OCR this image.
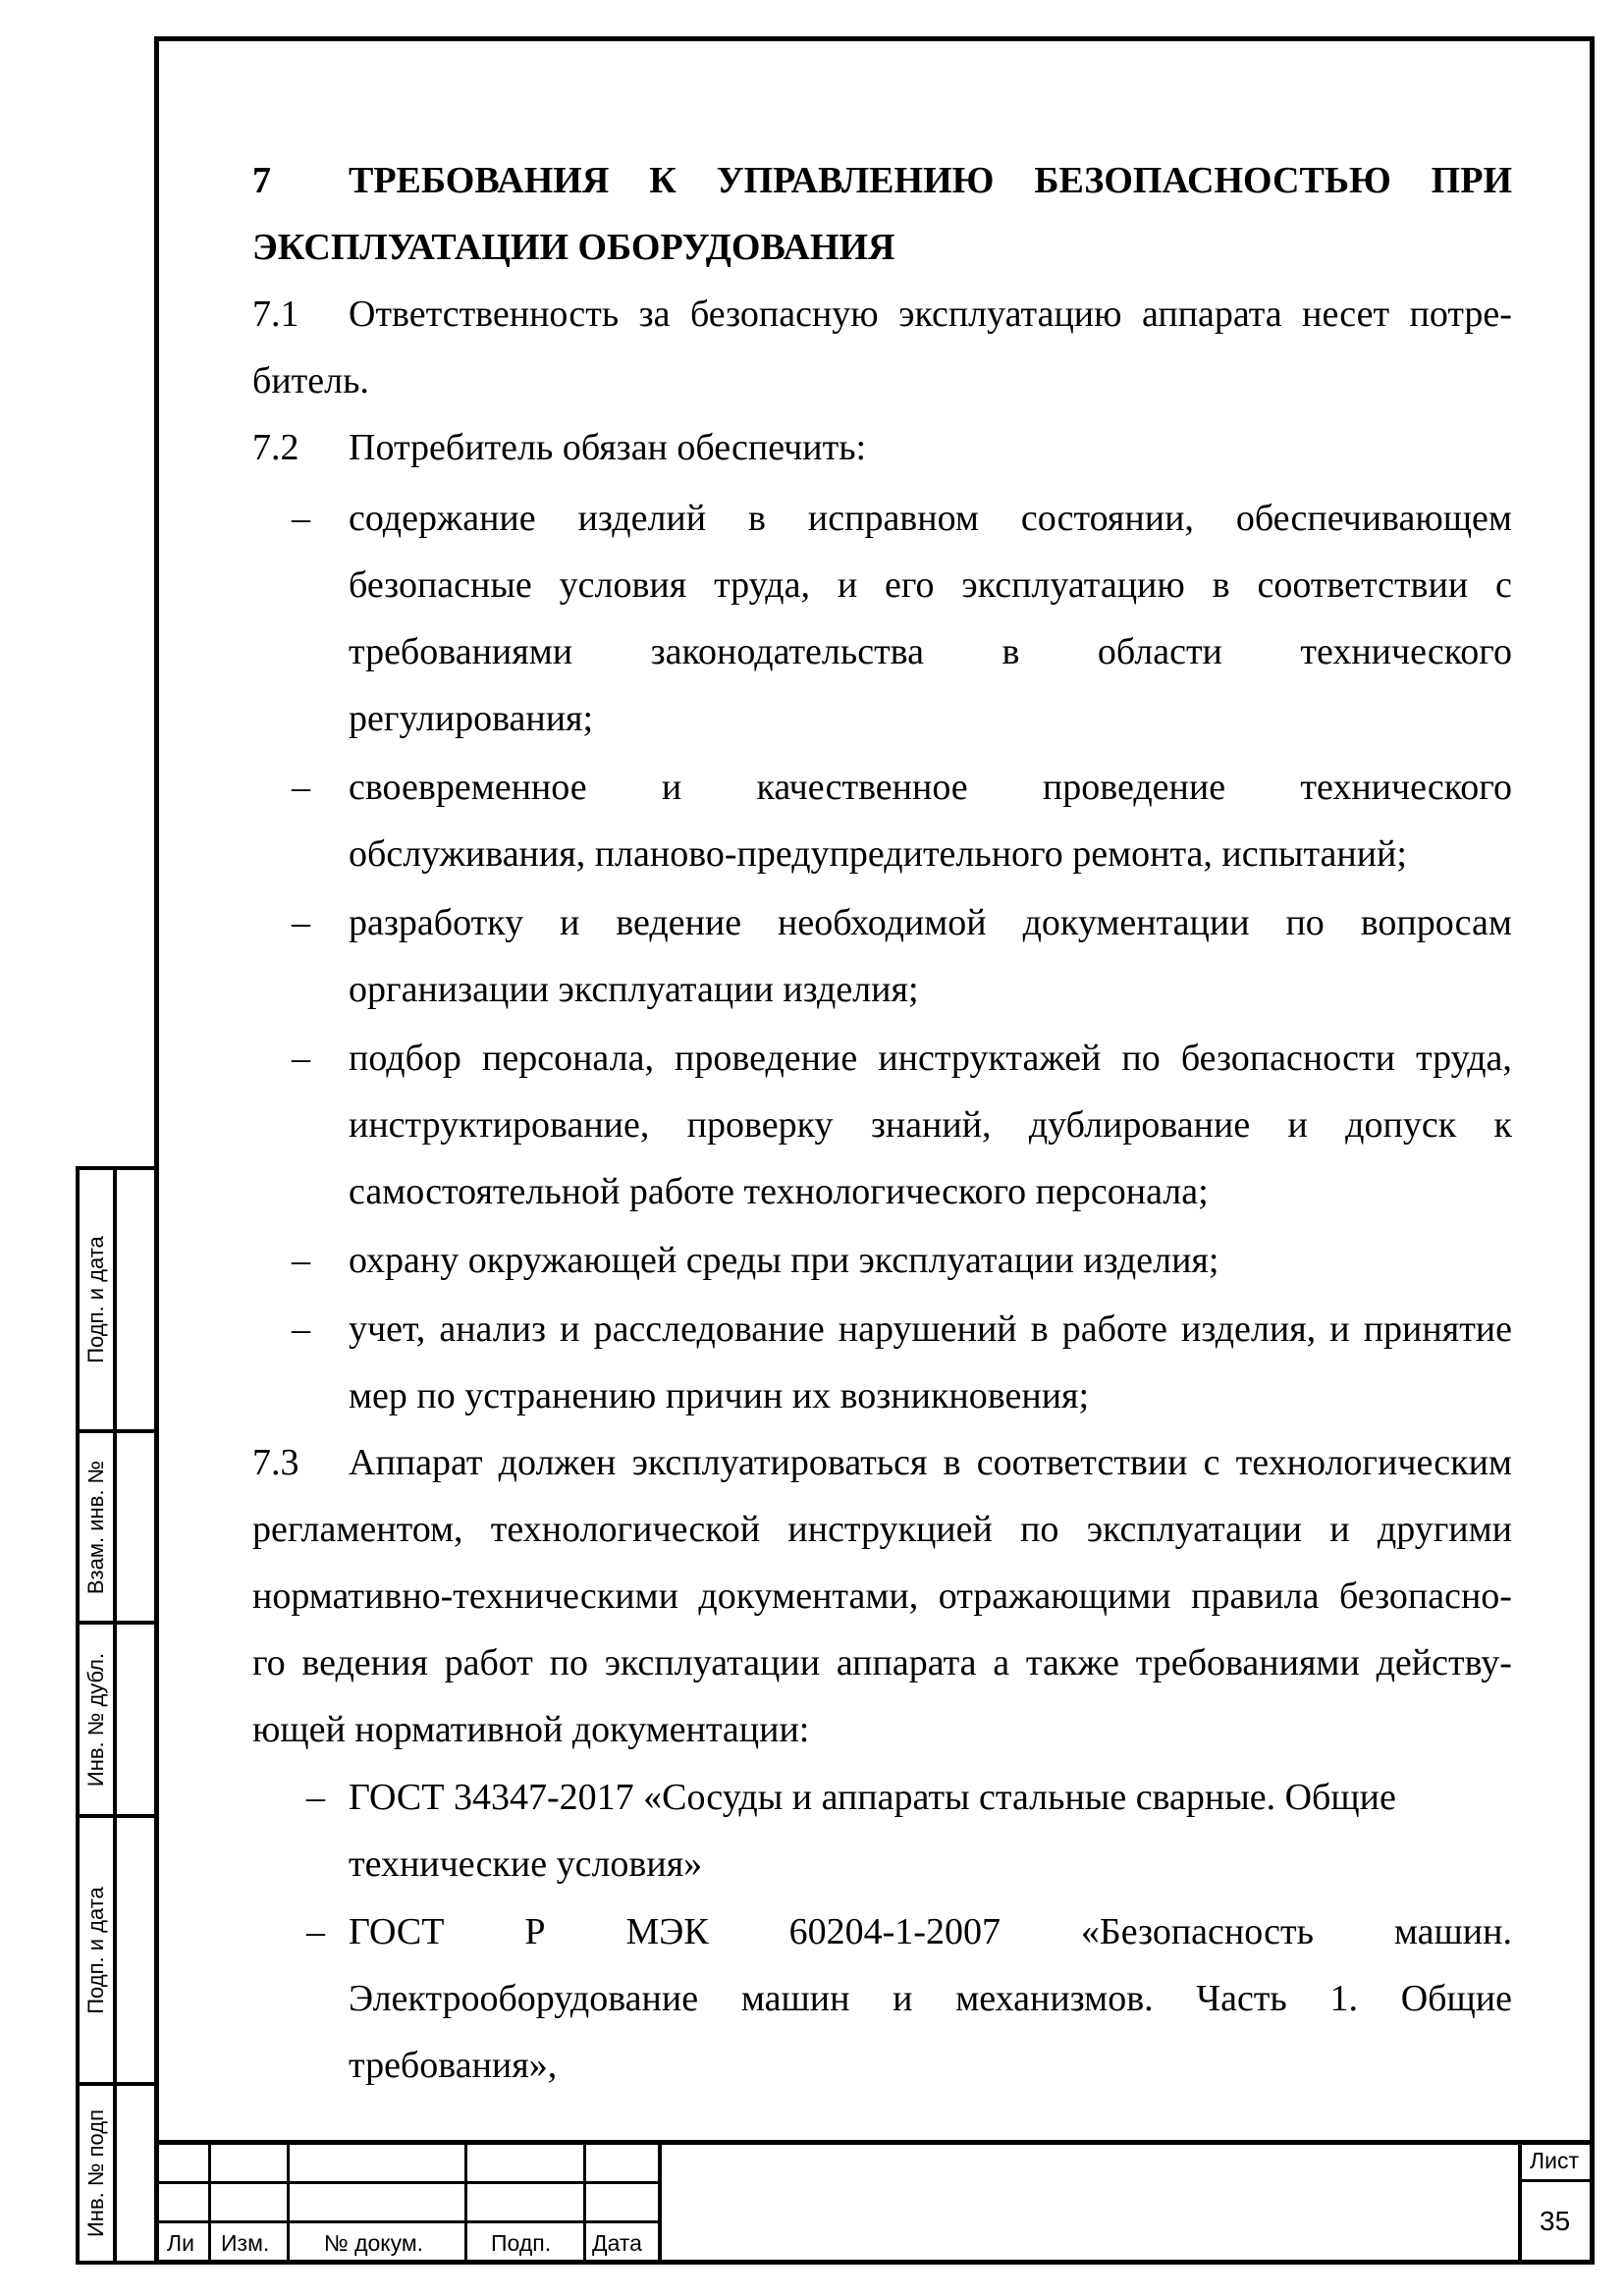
7	ТРЕБОВАНИЯ К УПРАВЛЕНИЮ БЕЗОПАСНОСТЬЮ ПРИ
ЭКСПЛУАТАЦИИ ОБОРУДОВАНИЯ
7.1 Ответственность за безопасную эксплуатацию аппарата несет потре-
битель.
7.2 Потребитель обязан обеспечить:
–	содержание изделий в исправном состоянии, обеспечивающем
безопасные условия труда, и его эксплуатацию в соответствии с
требованиями законодательства в области технического
регулирования;
–	своевременное и качественное проведение технического
обслуживания, планово-предупредительного ремонта, испытаний;
–	разработку и ведение необходимой документации по вопросам
организации эксплуатации изделия;
–	подбор персонала, проведение инструктажей по безопасности труда,
инструктирование, проверку знаний, дублирование и допуск к
самостоятельной работе технологического персонала;
–	охрану окружающей среды при эксплуатации изделия;
–	учет, анализ и расследование нарушений в работе изделия, и принятие
мер по устранению причин их возникновения;
7.3 Аппарат должен эксплуатироваться в соответствии с технологическим
регламентом, технологической инструкцией по эксплуатации и другими
нормативно-техническими документами, отражающими правила безопасно-
го ведения работ по эксплуатации аппарата а также требованиями действу-
ющей нормативной документации:
– ГОСТ 34347-2017 «Сосуды и аппараты стальные сварные. Общие
технические условия»
– ГОСТ Р МЭК 60204-1-2007 «Безопасность машин.
Электрооборудование машин и механизмов. Часть 1. Общие
требования»,
Подп. и дата
Взам. инв. №
Инв. № дубл.
Подп. и дата
Инв. № подп
Ли Изм. № докум.	Подп. Дата
Лист
35
